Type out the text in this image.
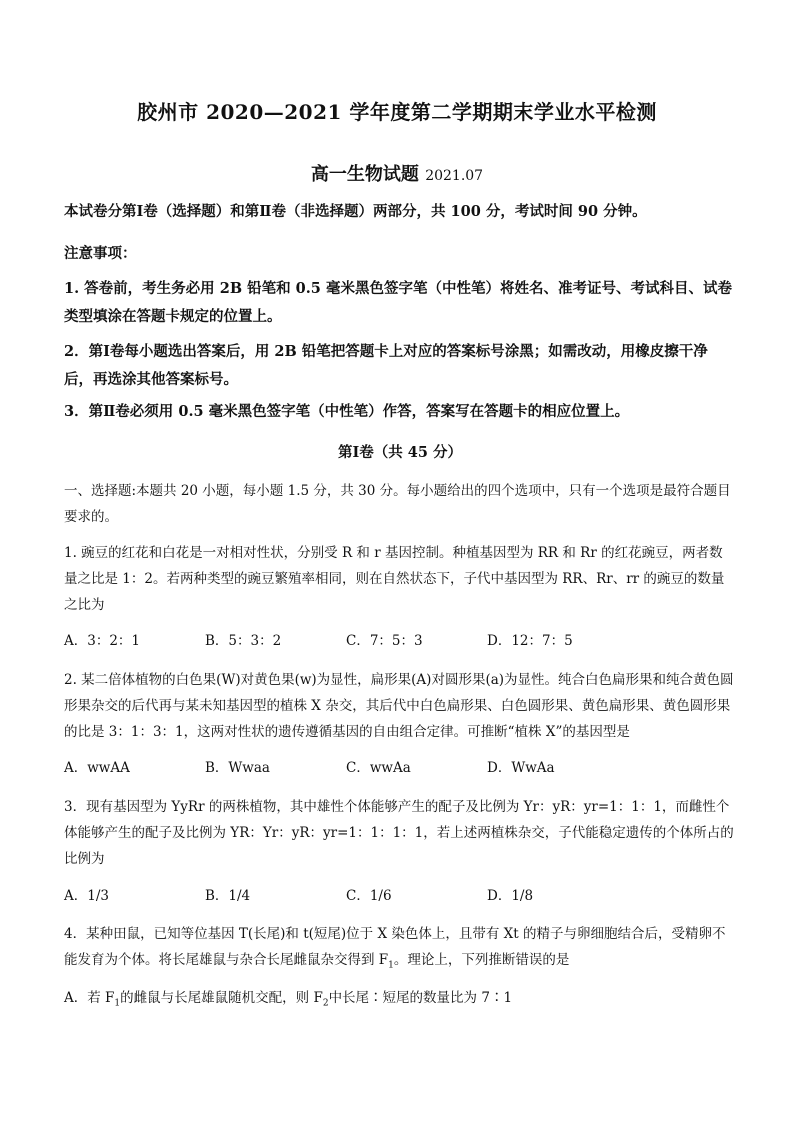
胶州市 2020—2021 学年度第二学期期末学业水平检测
高一生物试题 2021.07
本试卷分第Ⅰ卷（选择题）和第Ⅱ卷（非选择题）两部分，共 100 分，考试时间 90 分钟。
注意事项：
1. 答卷前，考生务必用 2B 铅笔和 0.5 毫米黑色签字笔（中性笔）将姓名、准考证号、考试科目、试卷类型填涂在答题卡规定的位置上。
2．第Ⅰ卷每小题选出答案后，用 2B 铅笔把答题卡上对应的答案标号涂黑；如需改动，用橡皮擦干净后，再选涂其他答案标号。
3．第Ⅱ卷必须用 0.5 毫米黑色签字笔（中性笔）作答，答案写在答题卡的相应位置上。
第Ⅰ卷（共 45 分）
一、选择题:本题共 20 小题，每小题 1.5 分，共 30 分。每小题给出的四个选项中，只有一个选项是最符合题目要求的。
1. 豌豆的红花和白花是一对相对性状，分别受 R 和 r 基因控制。种植基因型为 RR 和 Rr 的红花豌豆，两者数量之比是 1：2。若两种类型的豌豆繁殖率相同，则在自然状态下，子代中基因型为 RR、Rr、rr 的豌豆的数量之比为
A．3：2：1	B．5：3：2	C．7：5：3	D．12：7：5
2. 某二倍体植物的白色果(W)对黄色果(w)为显性，扁形果(A)对圆形果(a)为显性。纯合白色扁形果和纯合黄色圆形果杂交的后代再与某未知基因型的植株 X 杂交，其后代中白色扁形果、白色圆形果、黄色扁形果、黄色圆形果的比是 3：1：3：1，这两对性状的遗传遵循基因的自由组合定律。可推断“植株 X”的基因型是
A．wwAA	B．Wwaa	C．wwAa	D．WwAa
3．现有基因型为 YyRr 的两株植物，其中雄性个体能够产生的配子及比例为 Yr：yR：yr=1：1：1，而雌性个体能够产生的配子及比例为 YR：Yr：yR：yr=1：1：1：1，若上述两植株杂交，子代能稳定遗传的个体所占的比例为
A．1/3	B．1/4	C．1/6	D．1/8
4．某种田鼠，已知等位基因 T(长尾)和 t(短尾)位于 X 染色体上，且带有 Xt 的精子与卵细胞结合后，受精卵不能发育为个体。将长尾雄鼠与杂合长尾雌鼠杂交得到 $F_1$。理论上，下列推断错误的是
A．若 $F_1$的雌鼠与长尾雄鼠随机交配，则 $F_2$中长尾∶短尾的数量比为 7∶1
